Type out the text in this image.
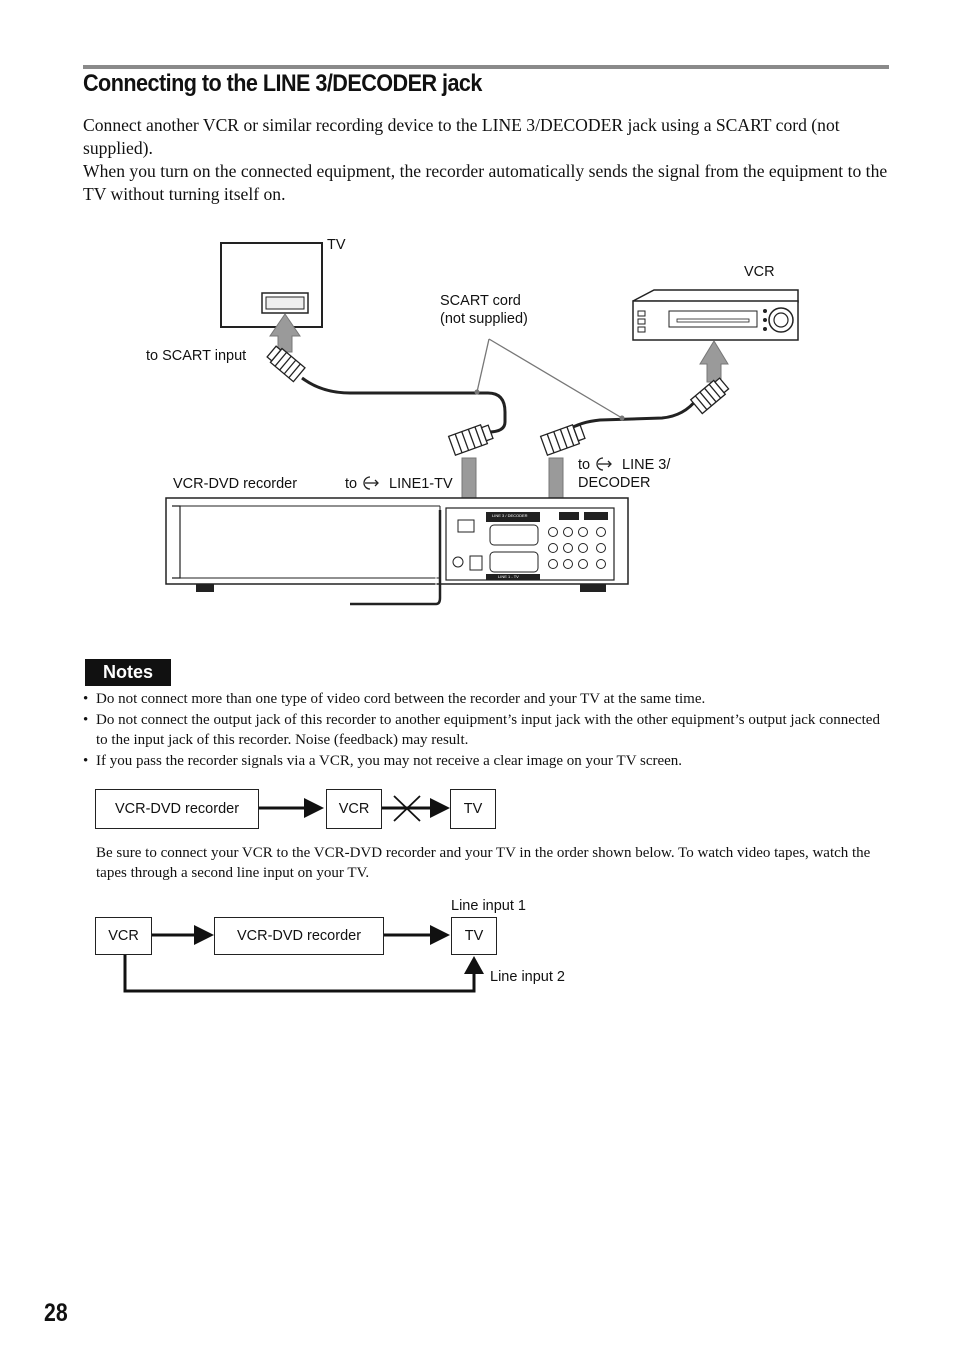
Connecting to the LINE 3/DECODER jack

Connect another VCR or similar recording device to the LINE 3/DECODER jack using a SCART cord (not supplied).

When you turn on the connected equipment, the recorder automatically sends the signal from the equipment to the TV without turning itself on.

TV
VCR
SCART cord
(not supplied)
to SCART input
VCR-DVD recorder	to LINE1-TV
to LINE 3/
DECODER
LINE 3 / DECODER
LINE 1 - TV
Notes
• Do not connect more than one type of video cord between the recorder and your TV at the same time.
• Do not connect the output jack of this recorder to another equipment’s input jack with the other equipment’s output jack connected to the input jack of this recorder. Noise (feedback) may result.
• If you pass the recorder signals via a VCR, you may not receive a clear image on your TV screen.
VCR-DVD recorder	VCR	TV

Be sure to connect your VCR to the VCR-DVD recorder and your TV in the order shown below. To watch video tapes, watch the tapes through a second line input on your TV.

Line input 1
VCR	VCR-DVD recorder	TV
Line input 2
28
